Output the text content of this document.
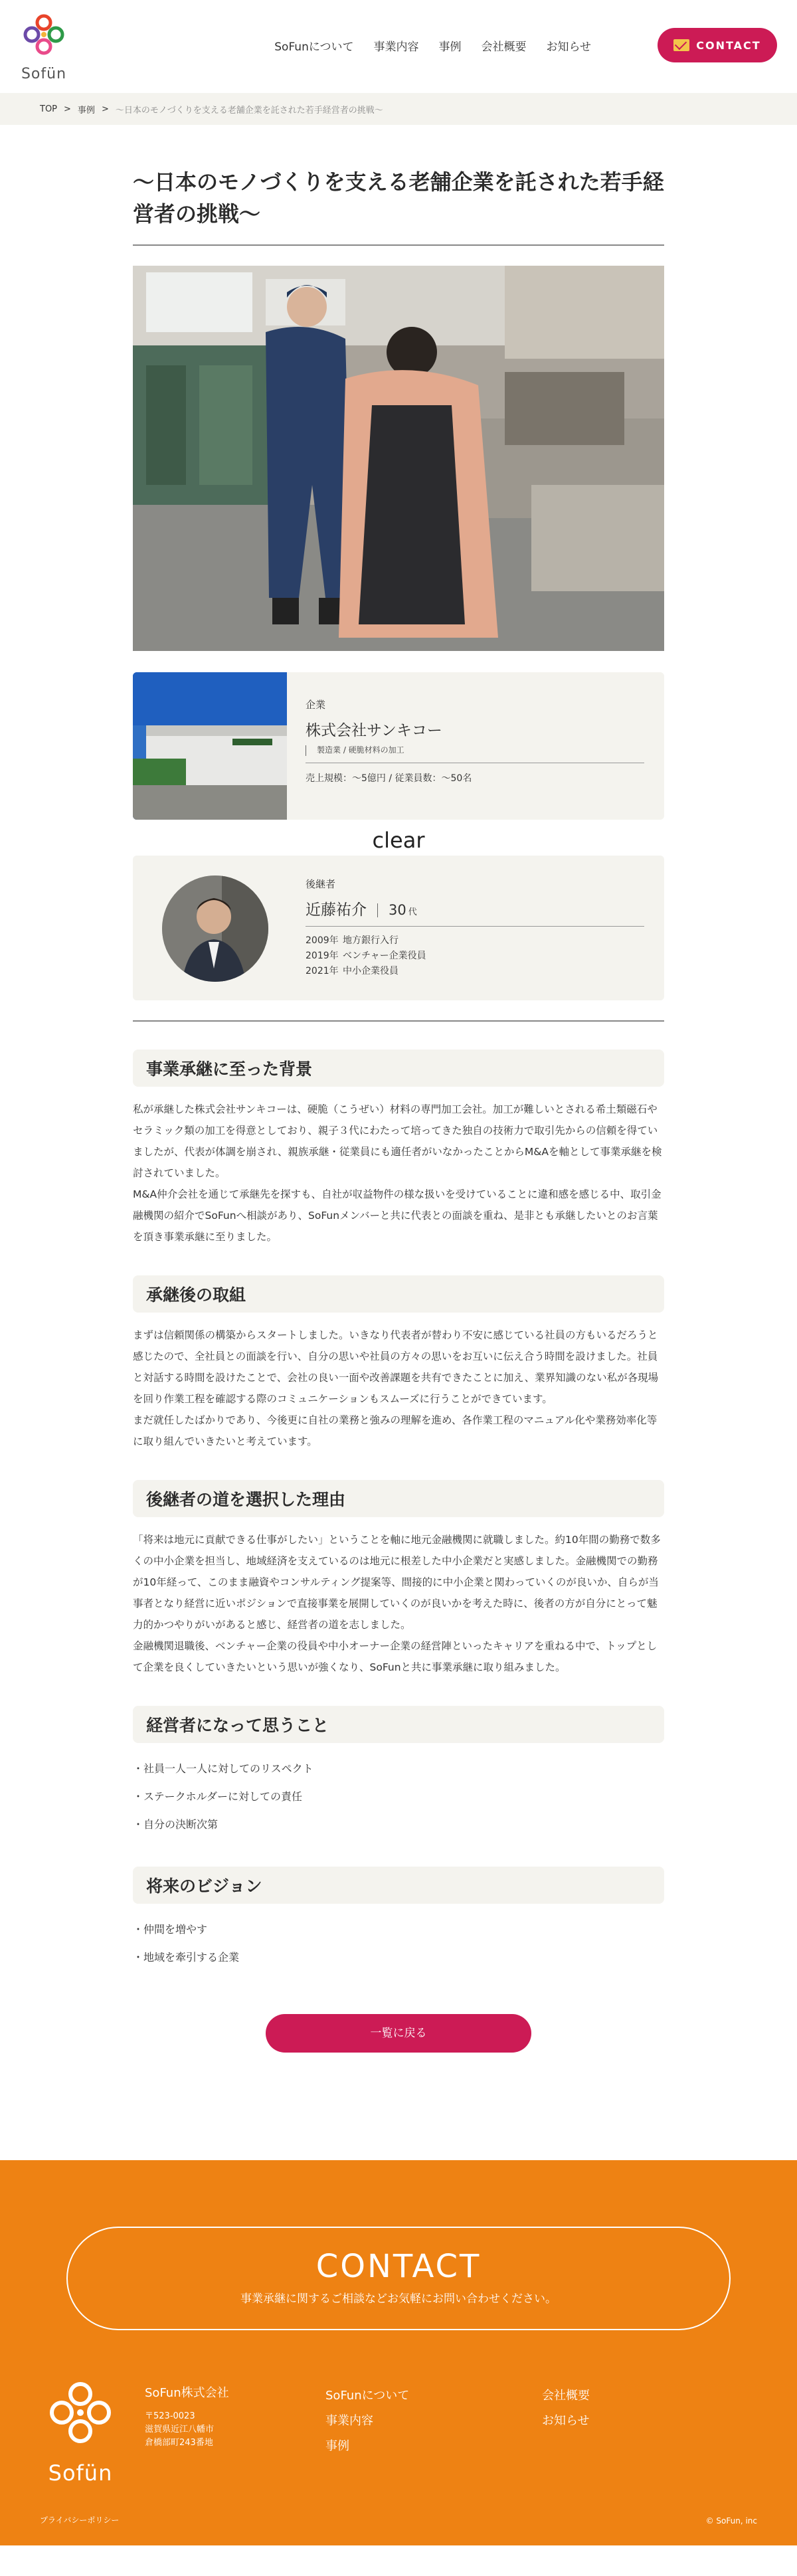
Sofün
SoFunについて 事業内容 事例 会社概要 お知らせ	CONTACT
TOP > 事例 > 〜日本のモノづくりを支える老舗企業を託された若手経営者の挑戦〜
〜日本のモノづくりを支える老舗企業を託された若手経営者の挑戦〜
企業
株式会社サンキコー
製造業 / 硬脆材料の加工
売上規模：〜5億円 / 従業員数：〜50名
clear
後継者
近藤祐介	30 代
2009年 地方銀行入行
2019年 ベンチャー企業役員
2021年 中小企業役員
事業承継に至った背景

私が承継した株式会社サンキコーは、硬脆（こうぜい）材料の専門加工会社。加工が難しいとされる希土類磁石やセラミック類の加工を得意としており、親子３代にわたって培ってきた独自の技術力で取引先からの信頼を得ていましたが、代表が体調を崩され、親族承継・従業員にも適任者がいなかったことからM&Aを軸として事業承継を検討されていました。

M&A仲介会社を通じて承継先を探すも、自社が収益物件の様な扱いを受けていることに違和感を感じる中、取引金融機関の紹介でSoFunへ相談があり、SoFunメンバーと共に代表との面談を重ね、是非とも承継したいとのお言葉を頂き事業承継に至りました。

承継後の取組

まずは信頼関係の構築からスタートしました。いきなり代表者が替わり不安に感じている社員の方もいるだろうと感じたので、全社員との面談を行い、自分の思いや社員の方々の思いをお互いに伝え合う時間を設けました。社員と対話する時間を設けたことで、会社の良い一面や改善課題を共有できたことに加え、業界知識のない私が各現場を回り作業工程を確認する際のコミュニケーションもスムーズに行うことができています。

まだ就任したばかりであり、今後更に自社の業務と強みの理解を進め、各作業工程のマニュアル化や業務効率化等に取り組んでいきたいと考えています。

後継者の道を選択した理由

「将来は地元に貢献できる仕事がしたい」ということを軸に地元金融機関に就職しました。約10年間の勤務で数多くの中小企業を担当し、地域経済を支えているのは地元に根差した中小企業だと実感しました。金融機関での勤務が10年経って、このまま融資やコンサルティング提案等、間接的に中小企業と関わっていくのが良いか、自らが当事者となり経営に近いポジションで直接事業を展開していくのが良いかを考えた時に、後者の方が自分にとって魅力的かつやりがいがあると感じ、経営者の道を志しました。

金融機関退職後、ベンチャー企業の役員や中小オーナー企業の経営陣といったキャリアを重ねる中で、トップとして企業を良くしていきたいという思いが強くなり、SoFunと共に事業承継に取り組みました。

経営者になって思うこと
・社員一人一人に対してのリスペクト
・ステークホルダーに対しての責任
・自分の決断次第
将来のビジョン
・仲間を増やす
・地域を牽引する企業
一覧に戻る
CONTACT
事業承継に関するご相談などお気軽にお問い合わせください。
Sofün
SoFun株式会社
〒523-0023
滋賀県近江八幡市
倉橋部町243番地
SoFunについて
事業内容
事例
会社概要
お知らせ
プライバシーポリシー	© SoFun, inc
